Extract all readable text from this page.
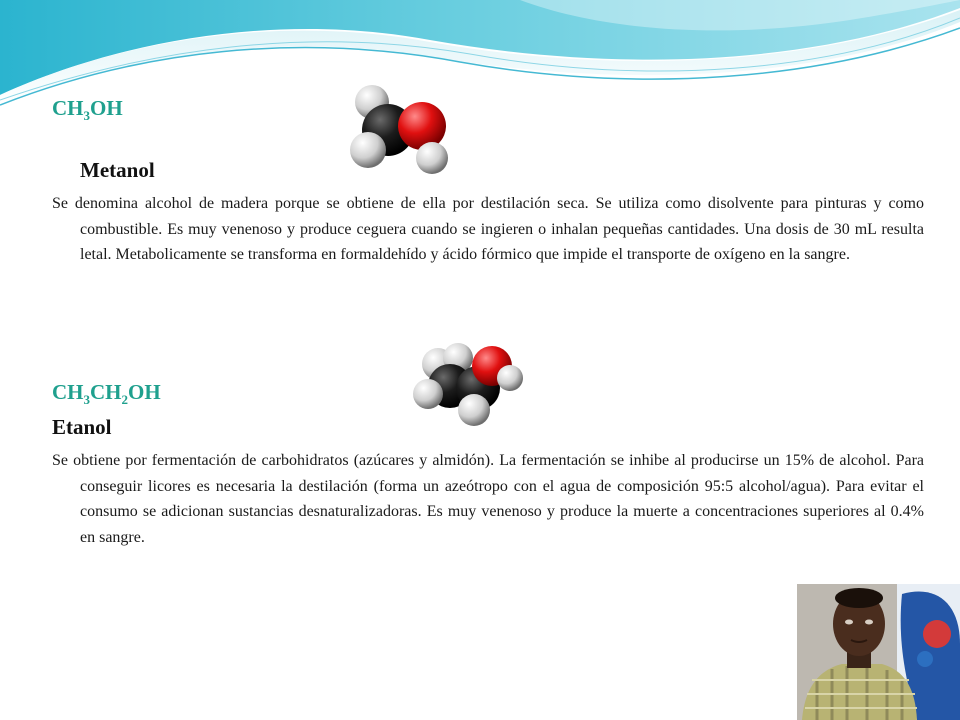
$CH_3OH$
Metanol

Se denomina alcohol de madera porque se obtiene de ella por destilación seca. Se utiliza como disolvente para pinturas y como combustible. Es muy venenoso y produce ceguera cuando se ingieren o inhalan pequeñas cantidades. Una dosis de 30 mL resulta letal. Metabolicamente se transforma en formaldehído y ácido fórmico que impide el transporte de oxígeno en la sangre.

$CH_3CH_2OH$
Etanol

Se obtiene por fermentación de carbohidratos (azúcares y almidón). La fermentación se inhibe al producirse un 15% de alcohol. Para conseguir licores es necesaria la destilación (forma un azeótropo con el agua de composición 95:5 alcohol/agua). Para evitar el consumo se adicionan sustancias desnaturalizadoras. Es muy venenoso y produce la muerte a concentraciones superiores al 0.4% en sangre.
